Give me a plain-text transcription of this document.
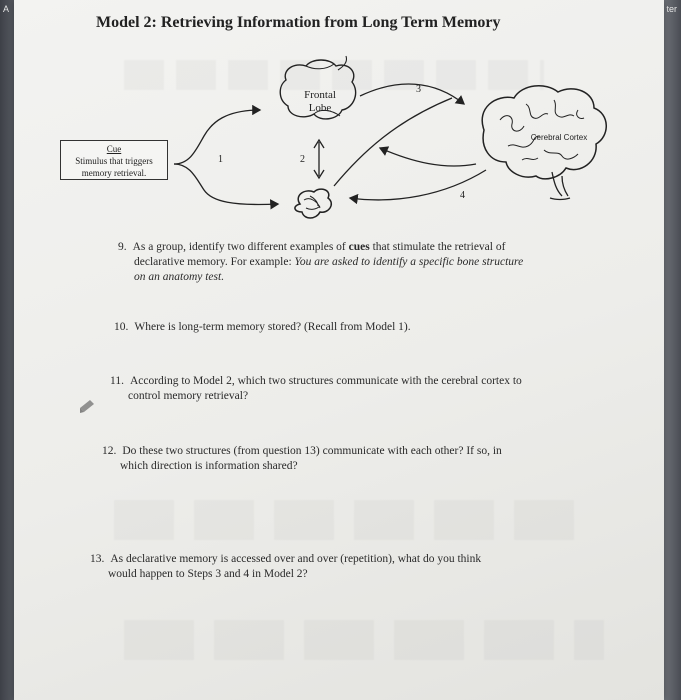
A	ter
Model 2: Retrieving Information from Long Term Memory
Frontal
Lobe
Cerebral Cortex
1	2
3
4
Cue
Stimulus that triggers
memory retrieval.
9. As a group, identify two different examples of cues that stimulate the retrieval of
declarative memory. For example: You are asked to identify a specific bone structure
on an anatomy test.
10. Where is long-term memory stored? (Recall from Model 1).
11. According to Model 2, which two structures communicate with the cerebral cortex to
control memory retrieval?
12. Do these two structures (from question 13) communicate with each other? If so, in
which direction is information shared?
13. As declarative memory is accessed over and over (repetition), what do you think
would happen to Steps 3 and 4 in Model 2?
